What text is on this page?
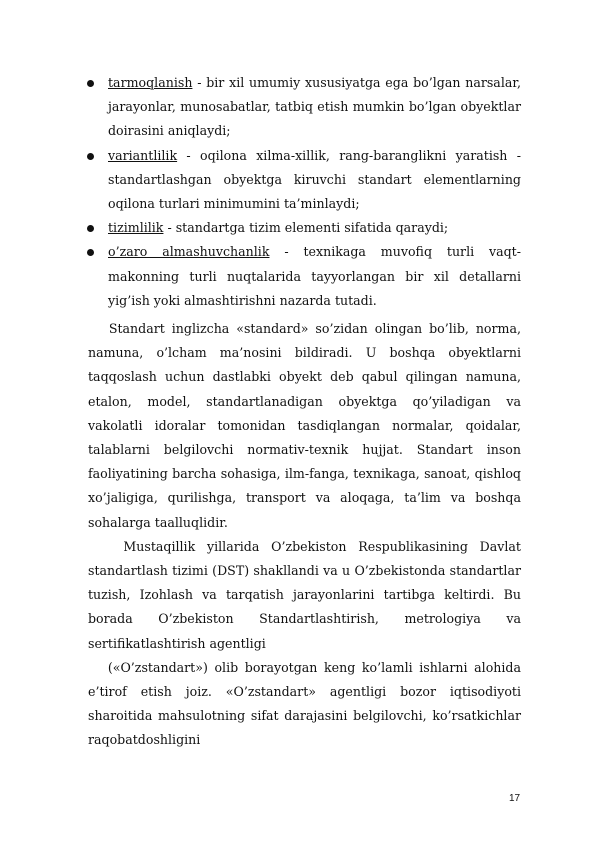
tarmoqlanish - bir xil umumiy xususiyatga ega bo’lgan narsalar, jarayonlar, munosabatlar, tatbiq etish mumkin bo’lgan obyektlar doirasini aniqlaydi;
variantlilik - oqilona xilma-xillik, rang-baranglikni yaratish - standartlashgan obyektga kiruvchi standart elementlarning oqilona turlari minimumini ta’minlaydi;
tizimlilik - standartga tizim elementi sifatida qaraydi;
o’zaro almashuvchanlik - texnikaga muvofiq turli vaqt-makonning turli nuqtalarida tayyorlangan bir xil detallarni yig’ish yoki almashtirishni nazarda tutadi.

Standart inglizcha «standard» so’zidan olingan bo’lib, norma, namuna, o’lcham ma’nosini bildiradi. U boshqa obyektlarni taqqoslash uchun dastlabki obyekt deb qabul qilingan namuna, etalon, model, standartlanadigan obyektga qo’yiladigan va vakolatli idoralar tomonidan tasdiqlangan normalar, qoidalar, talablarni belgilovchi normativ-texnik hujjat. Standart inson faoliyatining barcha sohasiga, ilm-fanga, texnikaga, sanoat, qishloq xo’jaligiga, qurilishga, transport va aloqaga, ta’lim va boshqa sohalarga taalluqlidir.

Mustaqillik yillarida O’zbekiston Respublikasining Davlat standartlash tizimi (DST) shakllandi va u O’zbekistonda standartlar tuzish, Izohlash va tarqatish jarayonlarini tartibga keltirdi. Bu borada O’zbekiston Standartlashtirish, metrologiya va sertifikatlashtirish agentligi

(«O’zstandart») olib borayotgan keng ko’lamli ishlarni alohida e’tirof etish joiz. «O’zstandart» agentligi bozor iqtisodiyoti sharoitida mahsulotning sifat darajasini belgilovchi, ko’rsatkichlar raqobatdoshligini

17
